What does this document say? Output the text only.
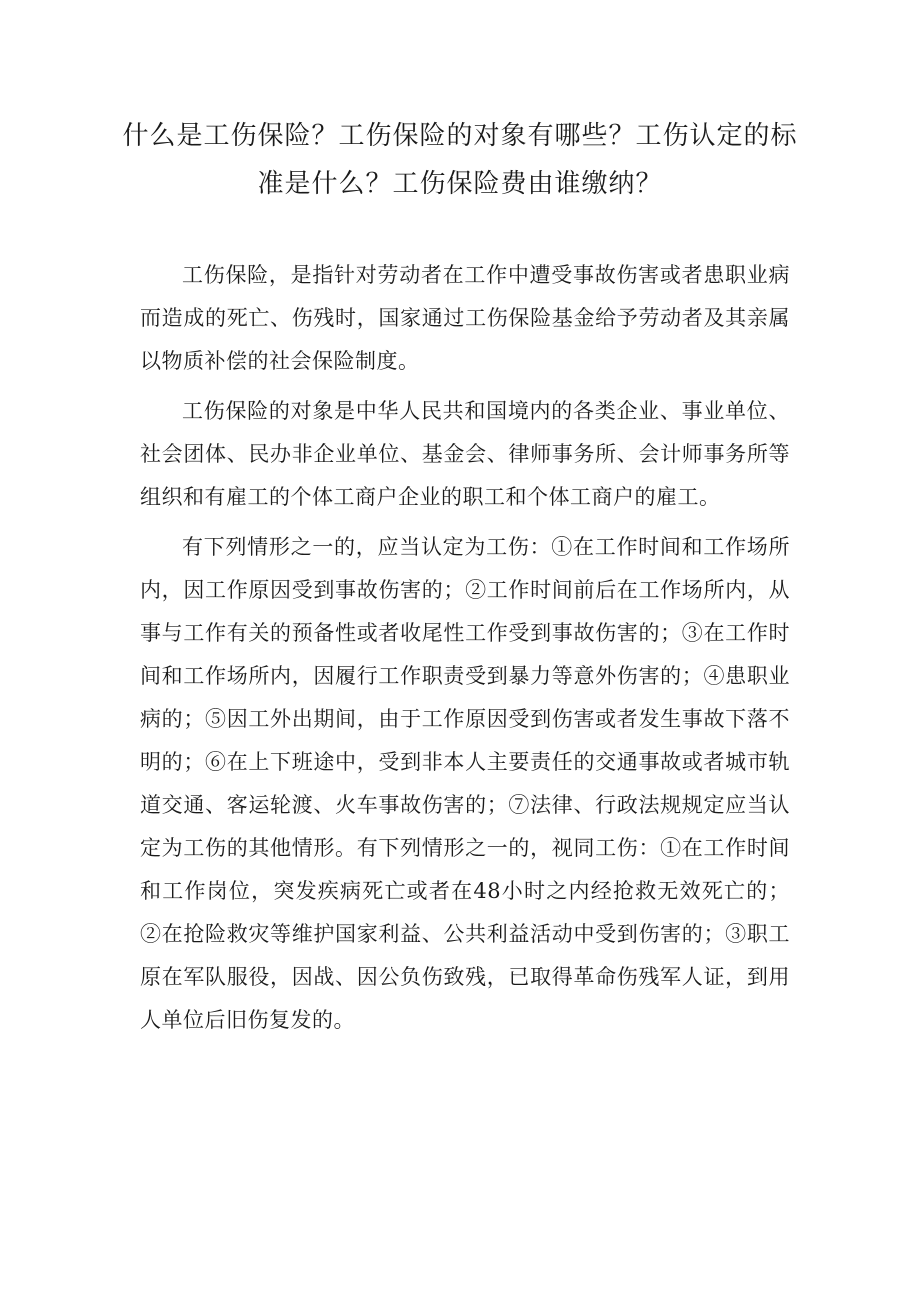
什么是工伤保险？工伤保险的对象有哪些？工伤认定的标准是什么？工伤保险费由谁缴纳？

工伤保险，是指针对劳动者在工作中遭受事故伤害或者患职业病而造成的死亡、伤残时，国家通过工伤保险基金给予劳动者及其亲属以物质补偿的社会保险制度。

工伤保险的对象是中华人民共和国境内的各类企业、事业单位、社会团体、民办非企业单位、基金会、律师事务所、会计师事务所等组织和有雇工的个体工商户企业的职工和个体工商户的雇工。

有下列情形之一的，应当认定为工伤：①在工作时间和工作场所内，因工作原因受到事故伤害的；②工作时间前后在工作场所内，从事与工作有关的预备性或者收尾性工作受到事故伤害的；③在工作时间和工作场所内，因履行工作职责受到暴力等意外伤害的；④患职业病的；⑤因工外出期间，由于工作原因受到伤害或者发生事故下落不明的；⑥在上下班途中，受到非本人主要责任的交通事故或者城市轨道交通、客运轮渡、火车事故伤害的；⑦法律、行政法规规定应当认定为工伤的其他情形。有下列情形之一的，视同工伤：①在工作时间和工作岗位，突发疾病死亡或者在48小时之内经抢救无效死亡的；②在抢险救灾等维护国家利益、公共利益活动中受到伤害的；③职工原在军队服役，因战、因公负伤致残，已取得革命伤残军人证，到用人单位后旧伤复发的。
